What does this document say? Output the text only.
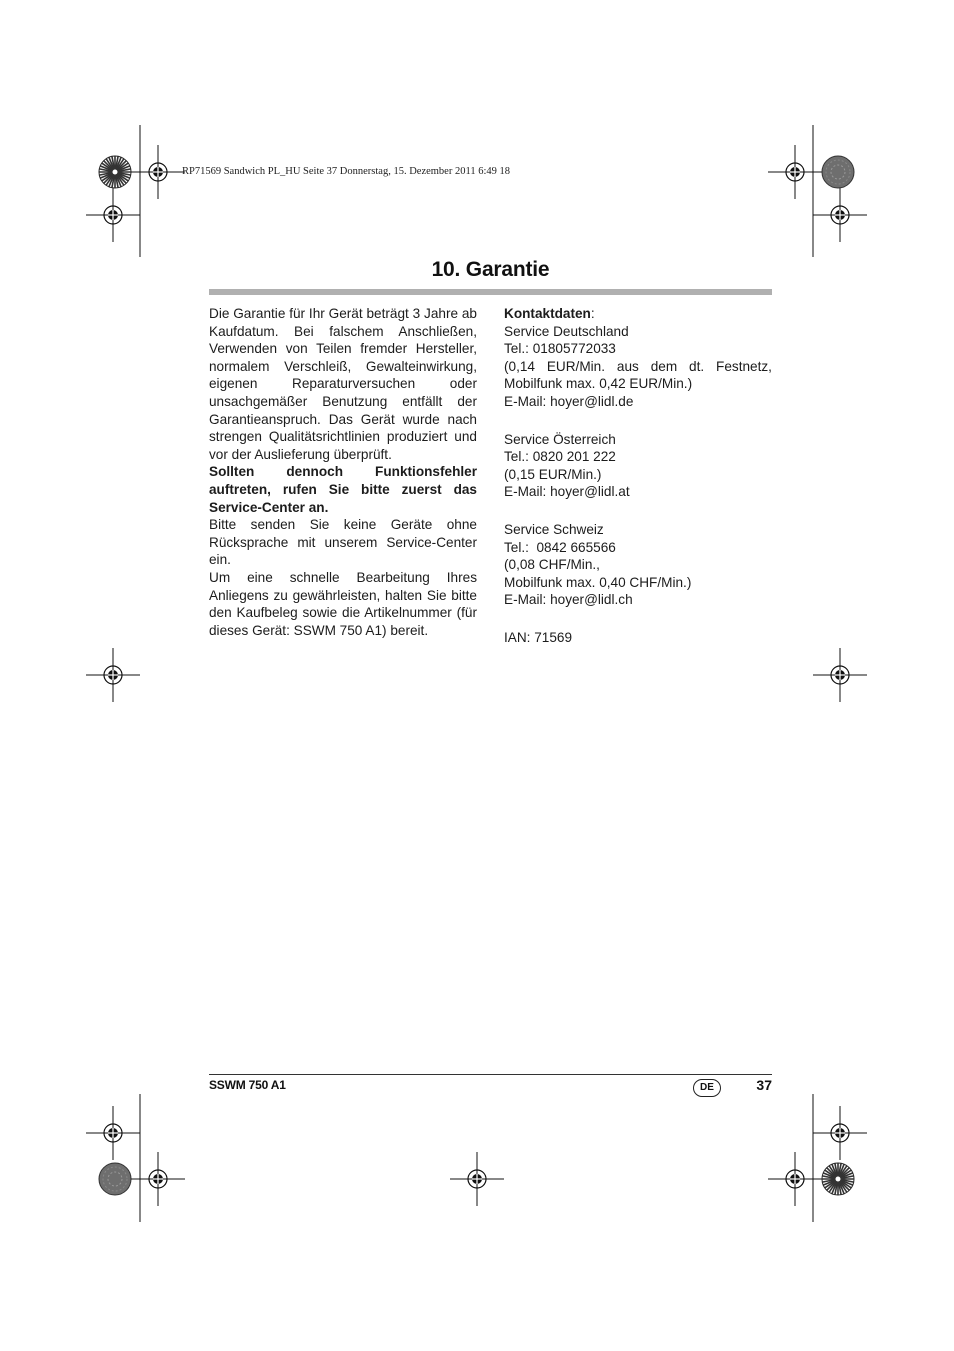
RP71569 Sandwich PL_HU Seite 37 Donnerstag, 15. Dezember 2011 6:49 18
10. Garantie

Die Garantie für Ihr Gerät beträgt 3 Jahre ab Kaufdatum. Bei falschem Anschließen, Verwenden von Teilen fremder Hersteller, normalem Verschleiß, Gewalteinwirkung, eigenen Reparaturversuchen oder unsachgemäßer Benutzung entfällt der Garantieanspruch. Das Gerät wurde nach strengen Qualitätsrichtlinien produziert und vor der Auslieferung überprüft.

Sollten dennoch Funktionsfehler auftreten, rufen Sie bitte zuerst das Service-Center an.

Bitte senden Sie keine Geräte ohne Rücksprache mit unserem Service-Center ein.

Um eine schnelle Bearbeitung Ihres Anliegens zu gewährleisten, halten Sie bitte den Kaufbeleg sowie die Artikelnummer (für dieses Gerät: SSWM 750 A1) bereit.

Kontaktdaten:
Service Deutschland
Tel.: 01805772033
(0,14 EUR/Min. aus dem dt. Festnetz,
Mobilfunk max. 0,42 EUR/Min.)
E-Mail: hoyer@lidl.de
Service Österreich
Tel.: 0820 201 222
(0,15 EUR/Min.)
E-Mail: hoyer@lidl.at
Service Schweiz
Tel.:  0842 665566
(0,08 CHF/Min.,
Mobilfunk max. 0,40 CHF/Min.)
E-Mail: hoyer@lidl.ch
IAN: 71569
SSWM 750 A1	DE	37
